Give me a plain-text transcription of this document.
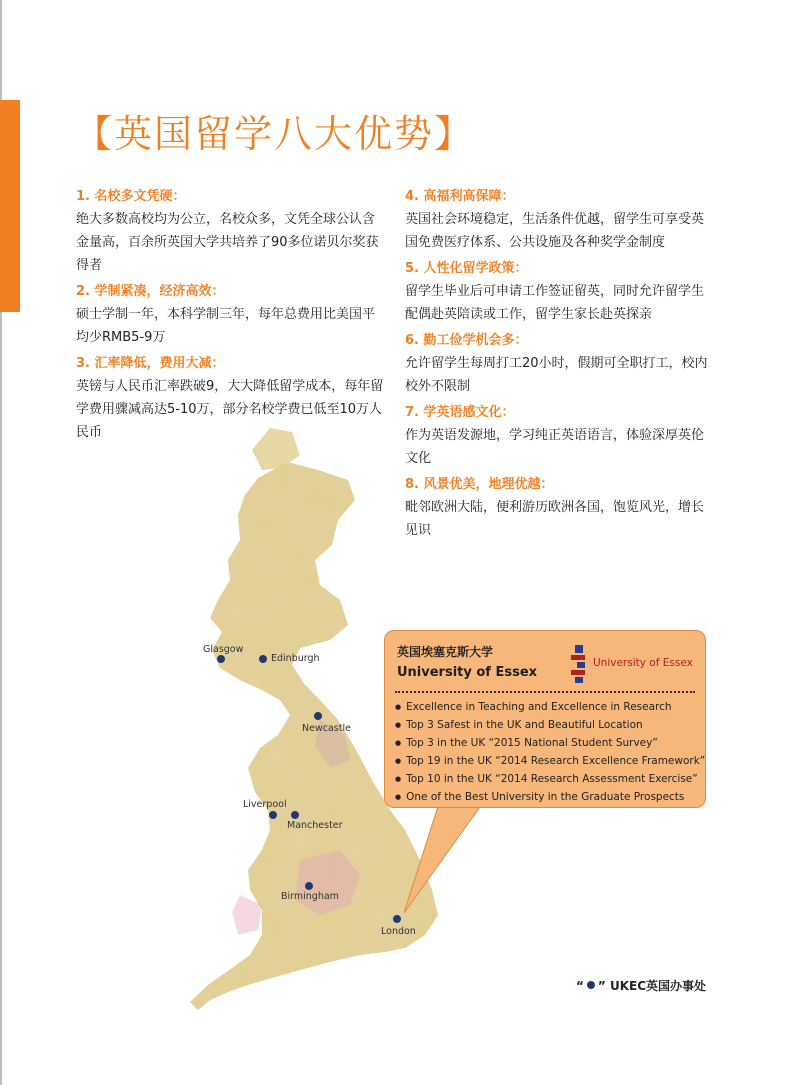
【英国留学八大优势】
Glasgow
Edinburgh
Newcastle
Liverpool
Manchester
Birmingham
London
1. 名校多文凭硬：
绝大多数高校均为公立，名校众多，文凭全球公认含金量高，百余所英国大学共培养了90多位诺贝尔奖获得者
2. 学制紧凑，经济高效：
硕士学制一年，本科学制三年，每年总费用比美国平均少RMB5-9万
3. 汇率降低，费用大减：
英镑与人民币汇率跌破9，大大降低留学成本，每年留学费用骤减高达5-10万，部分名校学费已低至10万人民币
4. 高福利高保障：
英国社会环境稳定，生活条件优越，留学生可享受英国免费医疗体系、公共设施及各种奖学金制度
5. 人性化留学政策：
留学生毕业后可申请工作签证留英，同时允许留学生配偶赴英陪读或工作，留学生家长赴英探亲
6. 勤工俭学机会多：
允许留学生每周打工20小时，假期可全职打工，校内校外不限制
7. 学英语感文化：
作为英语发源地，学习纯正英语语言，体验深厚英伦文化
8. 风景优美，地理优越：
毗邻欧洲大陆，便利游历欧洲各国，饱览风光，增长见识
英国埃塞克斯大学
University of Essex
University of Essex
● Excellence in Teaching and Excellence in Research
● Top 3 Safest in the UK and Beautiful Location
● Top 3 in the UK “2015 National Student Survey”
● Top 19 in the UK “2014 Research Excellence Framework”
● Top 10 in the UK “2014 Research Assessment Exercise”
● One of the Best University in the Graduate Prospects
“ ” UKEC英国办事处
